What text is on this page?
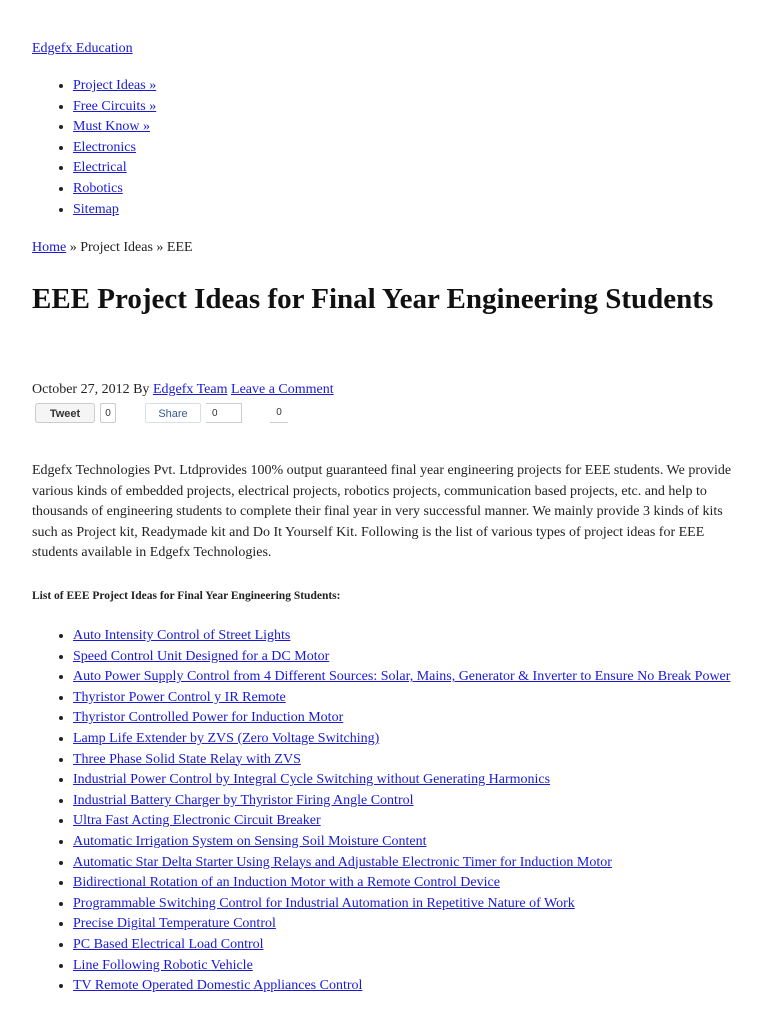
Edgefx Education
• Project Ideas »
• Free Circuits »
• Must Know »
• Electronics
• Electrical
• Robotics
• Sitemap
Home » Project Ideas » EEE
EEE Project Ideas for Final Year Engineering Students
October 27, 2012 By Edgefx Team Leave a Comment
Tweet	0	Share	0	0

Edgefx Technologies Pvt. Ltdprovides 100% output guaranteed final year engineering projects for EEE students. We provide various kinds of embedded projects, electrical projects, robotics projects, communication based projects, etc. and help to thousands of engineering students to complete their final year in very successful manner. We mainly provide 3 kinds of kits such as Project kit, Readymade kit and Do It Yourself Kit. Following is the list of various types of project ideas for EEE students available in Edgefx Technologies.

List of EEE Project Ideas for Final Year Engineering Students:

• Auto Intensity Control of Street Lights
• Speed Control Unit Designed for a DC Motor
• Auto Power Supply Control from 4 Different Sources: Solar, Mains, Generator & Inverter to Ensure No Break Power
• Thyristor Power Control y IR Remote
• Thyristor Controlled Power for Induction Motor
• Lamp Life Extender by ZVS (Zero Voltage Switching)
• Three Phase Solid State Relay with ZVS
• Industrial Power Control by Integral Cycle Switching without Generating Harmonics
• Industrial Battery Charger by Thyristor Firing Angle Control
• Ultra Fast Acting Electronic Circuit Breaker
• Automatic Irrigation System on Sensing Soil Moisture Content
• Automatic Star Delta Starter Using Relays and Adjustable Electronic Timer for Induction Motor
• Bidirectional Rotation of an Induction Motor with a Remote Control Device
• Programmable Switching Control for Industrial Automation in Repetitive Nature of Work
• Precise Digital Temperature Control
• PC Based Electrical Load Control
• Line Following Robotic Vehicle
• TV Remote Operated Domestic Appliances Control
